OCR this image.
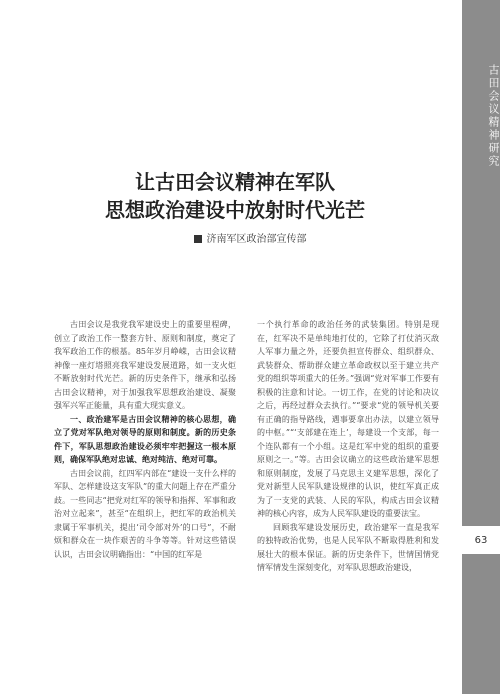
古田会议精神研究
63
让古田会议精神在军队
思想政治建设中放射时代光芒
济南军区政治部宣传部

古田会议是我党我军建设史上的重要里程碑，创立了政治工作一整套方针、原则和制度，奠定了我军政治工作的根基。85年岁月峥嵘，古田会议精神像一座灯塔照亮我军建设发展道路，如一支火炬不断放射时代光芒。新的历史条件下，继承和弘扬古田会议精神，对于加强我军思想政治建设、凝聚强军兴军正能量，具有重大现实意义。

一、政治建军是古田会议精神的核心思想，确立了党对军队绝对领导的原则和制度。新的历史条件下，军队思想政治建设必须牢牢把握这一根本原则，确保军队绝对忠诚、绝对纯洁、绝对可靠。

古田会议前，红四军内部在“建设一支什么样的军队、怎样建设这支军队”的重大问题上存在严重分歧。一些同志“把党对红军的领导和指挥、军事和政治对立起来”，甚至“在组织上，把红军的政治机关隶属于军事机关，提出‘司令部对外’的口号”，不耐烦和群众在一块作艰苦的斗争等等。针对这些错误认识，古田会议明确指出：“中国的红军是

一个执行革命的政治任务的武装集团。特别是现在，红军决不是单纯地打仗的，它除了打仗消灭敌人军事力量之外，还要负担宣传群众、组织群众、武装群众、帮助群众建立革命政权以至于建立共产党的组织等项重大的任务。”强调“党对军事工作要有积极的注意和讨论。一切工作，在党的讨论和决议之后，再经过群众去执行。”“要求“党的领导机关要有正确的指导路线，遇事要拿出办法，以建立领导的中枢。”“‘支部建在连上’，每建设一个支部，每一个连队都有一个小组。这是红军中党的组织的重要原则之一。”等。古田会议确立的这些政治建军思想和原则制度，发展了马克思主义建军思想，深化了党对新型人民军队建设规律的认识，使红军真正成为了一支党的武装、人民的军队，构成古田会议精神的核心内容，成为人民军队建设的重要法宝。

回顾我军建设发展历史，政治建军一直是我军的独特政治优势，也是人民军队不断取得胜利和发展壮大的根本保证。新的历史条件下，世情国情党情军情发生深刻变化，对军队思想政治建设，
